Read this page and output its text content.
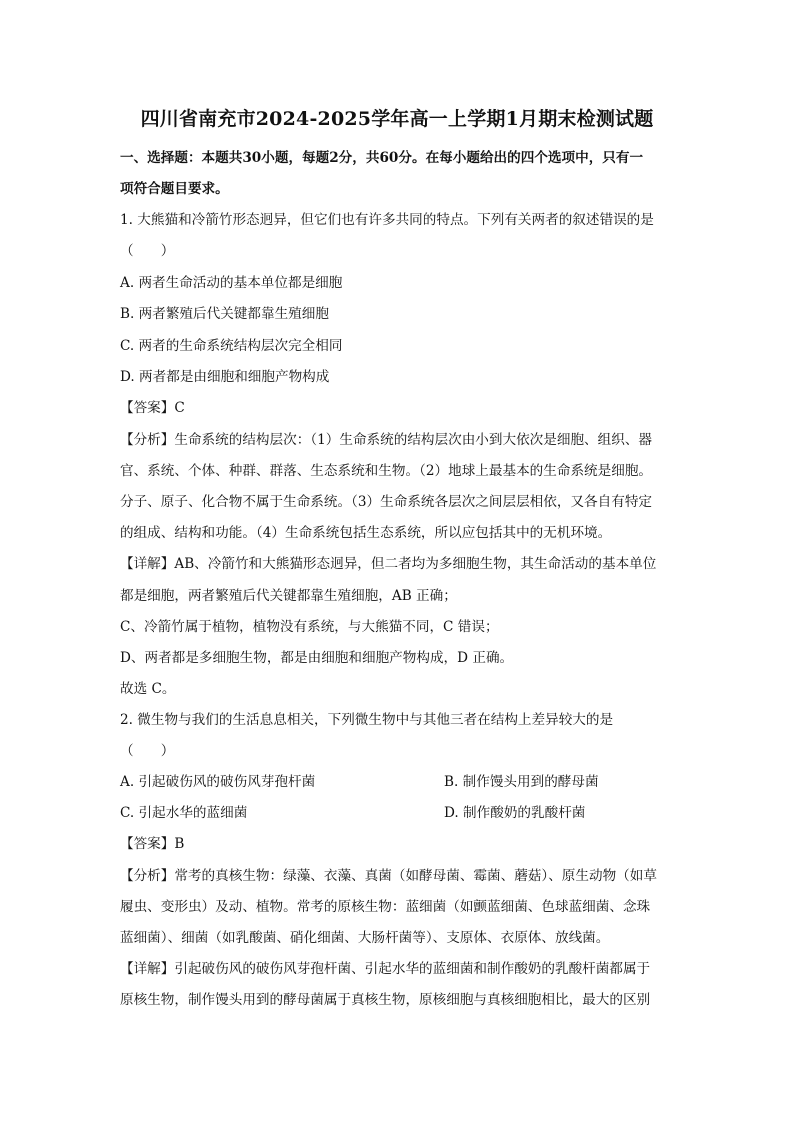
四川省南充市2024-2025学年高一上学期1月期末检测试题
一、选择题：本题共30小题，每题2分，共60分。在每小题给出的四个选项中，只有一
项符合题目要求。
1. 大熊猫和冷箭竹形态迥异，但它们也有许多共同的特点。下列有关两者的叙述错误的是
（　　）
A. 两者生命活动的基本单位都是细胞
B. 两者繁殖后代关键都靠生殖细胞
C. 两者的生命系统结构层次完全相同
D. 两者都是由细胞和细胞产物构成
【答案】C
【分析】生命系统的结构层次：（1）生命系统的结构层次由小到大依次是细胞、组织、器
官、系统、个体、种群、群落、生态系统和生物。（2）地球上最基本的生命系统是细胞。
分子、原子、化合物不属于生命系统。（3）生命系统各层次之间层层相依，又各自有特定
的组成、结构和功能。（4）生命系统包括生态系统，所以应包括其中的无机环境。
【详解】AB、冷箭竹和大熊猫形态迥异，但二者均为多细胞生物，其生命活动的基本单位
都是细胞，两者繁殖后代关键都靠生殖细胞，AB 正确；
C、冷箭竹属于植物，植物没有系统，与大熊猫不同，C 错误；
D、两者都是多细胞生物，都是由细胞和细胞产物构成，D 正确。
故选 C。
2. 微生物与我们的生活息息相关，下列微生物中与其他三者在结构上差异较大的是
（　　）
A. 引起破伤风的破伤风芽孢杆菌	B. 制作馒头用到的酵母菌
C. 引起水华的蓝细菌	D. 制作酸奶的乳酸杆菌
【答案】B
【分析】常考的真核生物：绿藻、衣藻、真菌（如酵母菌、霉菌、蘑菇）、原生动物（如草
履虫、变形虫）及动、植物。常考的原核生物：蓝细菌（如颤蓝细菌、色球蓝细菌、念珠
蓝细菌）、细菌（如乳酸菌、硝化细菌、大肠杆菌等）、支原体、衣原体、放线菌。
【详解】引起破伤风的破伤风芽孢杆菌、引起水华的蓝细菌和制作酸奶的乳酸杆菌都属于
原核生物，制作馒头用到的酵母菌属于真核生物，原核细胞与真核细胞相比，最大的区别
